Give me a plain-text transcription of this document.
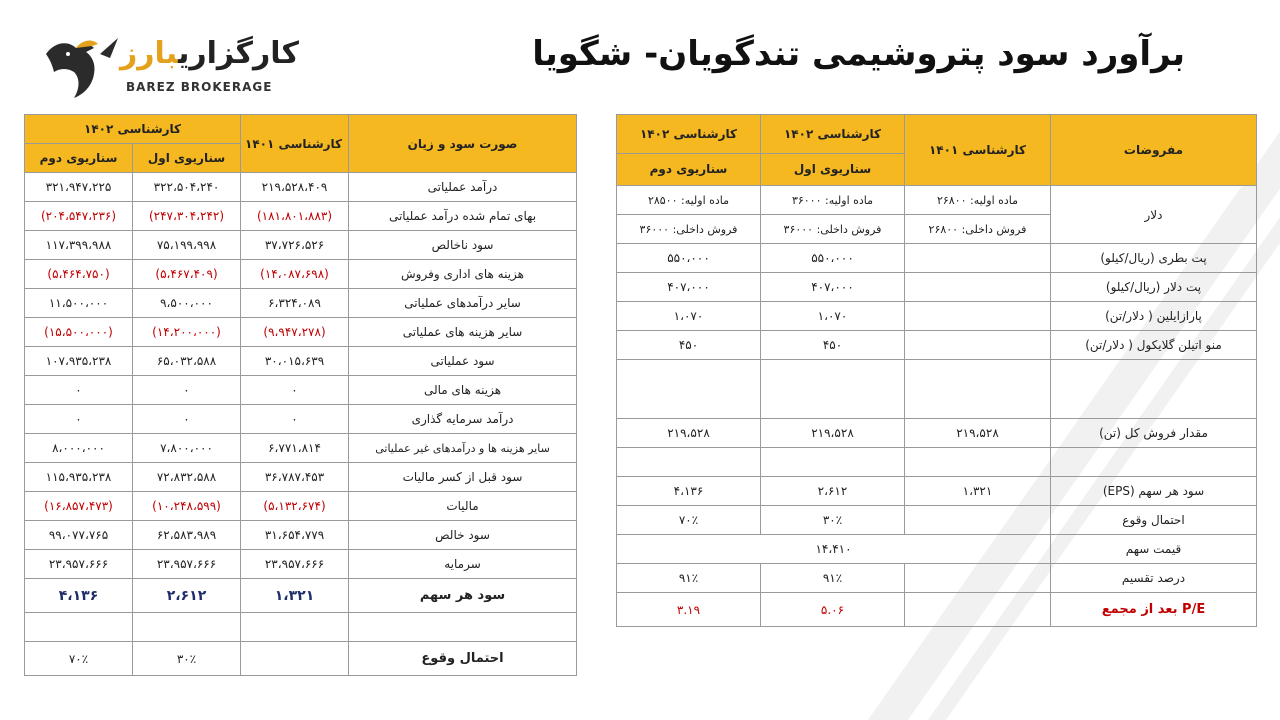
کارگزاریبارز
BAREZ BROKERAGE
برآورد سود پتروشیمی تندگویان- شگویا
صورت سود و زیان	کارشناسی ۱۴۰۱	کارشناسی ۱۴۰۲	
		سناریوی اول	سناریوی دوم
درآمد عملیاتی	۲۱۹،۵۲۸،۴۰۹	۳۲۲،۵۰۴،۲۴۰	۳۲۱،۹۴۷،۲۲۵
بهای تمام شده درآمد عملیاتی	(۱۸۱،۸۰۱،۸۸۳)	(۲۴۷،۳۰۴،۲۴۲)	(۲۰۴،۵۴۷،۲۳۶)
سود ناخالص	۳۷،۷۲۶،۵۲۶	۷۵،۱۹۹،۹۹۸	۱۱۷،۳۹۹،۹۸۸
هزینه های اداری وفروش	(۱۴،۰۸۷،۶۹۸)	(۵،۴۶۷،۴۰۹)	(۵،۴۶۴،۷۵۰)
سایر درآمدهای عملیاتی	۶،۳۲۴،۰۸۹	۹،۵۰۰،۰۰۰	۱۱،۵۰۰،۰۰۰
سایر هزینه های عملیاتی	(۹،۹۴۷،۲۷۸)	(۱۴،۲۰۰،۰۰۰)	(۱۵،۵۰۰،۰۰۰)
سود عملیاتی	۳۰،۰۱۵،۶۳۹	۶۵،۰۳۲،۵۸۸	۱۰۷،۹۳۵،۲۳۸
هزینه های مالی	۰	۰	۰
درآمد سرمایه گذاری	۰	۰	۰
سایر هزینه ها و درآمدهای غیر عملیاتی	۶،۷۷۱،۸۱۴	۷،۸۰۰،۰۰۰	۸،۰۰۰،۰۰۰
سود قبل از کسر مالیات	۳۶،۷۸۷،۴۵۳	۷۲،۸۳۲،۵۸۸	۱۱۵،۹۳۵،۲۳۸
مالیات	(۵،۱۳۲،۶۷۴)	(۱۰،۲۴۸،۵۹۹)	(۱۶،۸۵۷،۴۷۳)
سود خالص	۳۱،۶۵۴،۷۷۹	۶۲،۵۸۳،۹۸۹	۹۹،۰۷۷،۷۶۵
سرمایه	۲۳،۹۵۷،۶۶۶	۲۳،۹۵۷،۶۶۶	۲۳،۹۵۷،۶۶۶
سود هر سهم	۱،۳۲۱	۲،۶۱۲	۴،۱۳۶

احتمال وقوع		۳۰٪	۷۰٪
مفروضات	کارشناسی ۱۴۰۱	کارشناسی ۱۴۰۲	کارشناسی ۱۴۰۲
		سناریوی اول	سناریوی دوم
دلار	ماده اولیه: ۲۶۸۰۰	ماده اولیه: ۳۶۰۰۰	ماده اولیه: ۲۸۵۰۰
	فروش داخلی: ۲۶۸۰۰	فروش داخلی: ۳۶۰۰۰	فروش داخلی: ۳۶۰۰۰
پت بطری (ریال/کیلو)		۵۵۰،۰۰۰	۵۵۰،۰۰۰
پت دلار (ریال/کیلو)		۴۰۷،۰۰۰	۴۰۷،۰۰۰
پارازایلین ( دلار/تن)		۱،۰۷۰	۱،۰۷۰
منو اتیلن گلایکول ( دلار/تن)		۴۵۰	۴۵۰

مقدار فروش کل (تن)	۲۱۹،۵۲۸	۲۱۹،۵۲۸	۲۱۹،۵۲۸

سود هر سهم (EPS)	۱،۳۲۱	۲،۶۱۲	۴،۱۳۶
احتمال وقوع		۳۰٪	۷۰٪
قیمت سهم	۱۴،۴۱۰		
درصد تقسیم		۹۱٪	۹۱٪
P/E بعد از مجمع		۵.۰۶	۳.۱۹
